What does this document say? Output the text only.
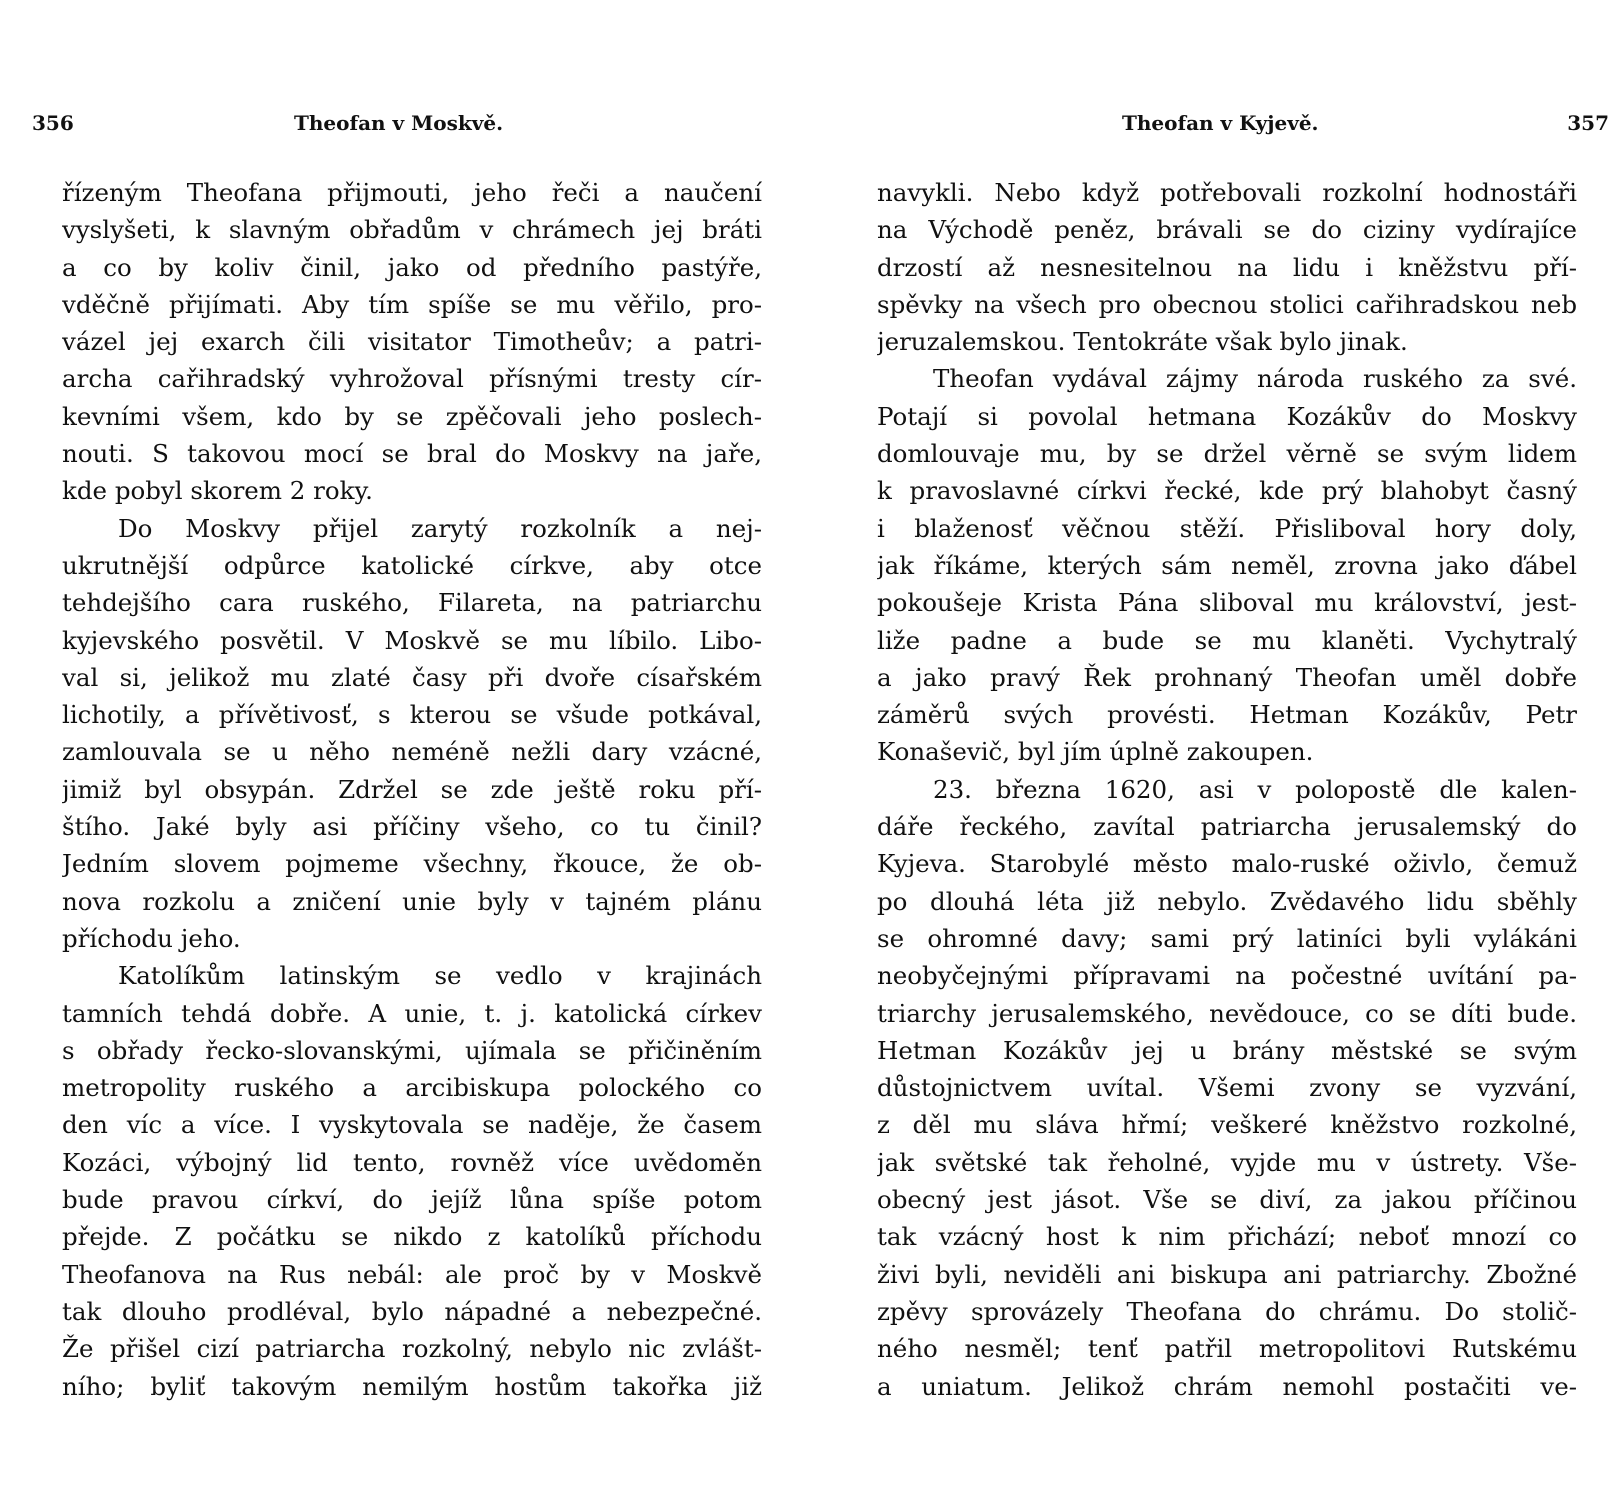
356	Theofan v Moskvě.
řízeným Theofana přijmouti, jeho řeči a naučení
vyslyšeti, k slavným obřadům v chrámech jej bráti
a co by koliv činil, jako od předního pastýře,
vděčně přijímati. Aby tím spíše se mu věřilo, pro-
vázel jej exarch čili visitator Timotheův; a patri-
archa cařihradský vyhrožoval přísnými tresty cír-
kevními všem, kdo by se zpěčovali jeho poslech-
nouti. S takovou mocí se bral do Moskvy na jaře,
kde pobyl skorem 2 roky.
Do Moskvy přijel zarytý rozkolník a nej-
ukrutnější odpůrce katolické církve, aby otce
tehdejšího cara ruského, Filareta, na patriarchu
kyjevského posvětil. V Moskvě se mu líbilo. Libo-
val si, jelikož mu zlaté časy při dvoře císařském
lichotily, a přívětivosť, s kterou se všude potkával,
zamlouvala se u něho neméně nežli dary vzácné,
jimiž byl obsypán. Zdržel se zde ještě roku pří-
štího. Jaké byly asi příčiny všeho, co tu činil?
Jedním slovem pojmeme všechny, řkouce, že ob-
nova rozkolu a zničení unie byly v tajném plánu
příchodu jeho.
Katolíkům latinským se vedlo v krajinách
tamních tehdá dobře. A unie, t. j. katolická církev
s obřady řecko-slovanskými, ujímala se přičiněním
metropolity ruského a arcibiskupa polockého co
den víc a více. I vyskytovala se naděje, že časem
Kozáci, výbojný lid tento, rovněž více uvědoměn
bude pravou církví, do jejíž lůna spíše potom
přejde. Z počátku se nikdo z katolíků příchodu
Theofanova na Rus nebál: ale proč by v Moskvě
tak dlouho prodléval, bylo nápadné a nebezpečné.
Že přišel cizí patriarcha rozkolný, nebylo nic zvlášt-
ního; byliť takovým nemilým hostům takořka již
Theofan v Kyjevě.	357
navykli. Nebo když potřebovali rozkolní hodnostáři
na Východě peněz, brávali se do ciziny vydírajíce
drzostí až nesnesitelnou na lidu i kněžstvu pří-
spěvky na všech pro obecnou stolici cařihradskou neb
jeruzalemskou. Tentokráte však bylo jinak.
Theofan vydával zájmy národa ruského za své.
Potají si povolal hetmana Kozákův do Moskvy
domlouvaje mu, by se držel věrně se svým lidem
k pravoslavné církvi řecké, kde prý blahobyt časný
i blaženosť věčnou stěží. Přisliboval hory doly,
jak říkáme, kterých sám neměl, zrovna jako ďábel
pokoušeje Krista Pána sliboval mu království, jest-
liže padne a bude se mu klaněti. Vychytralý
a jako pravý Řek prohnaný Theofan uměl dobře
záměrů svých provésti. Hetman Kozákův, Petr
Konaševič, byl jím úplně zakoupen.
23. března 1620, asi v polopostě dle kalen-
dáře řeckého, zavítal patriarcha jerusalemský do
Kyjeva. Starobylé město malo-ruské oživlo, čemuž
po dlouhá léta již nebylo. Zvědavého lidu sběhly
se ohromné davy; sami prý latiníci byli vylákáni
neobyčejnými přípravami na počestné uvítání pa-
triarchy jerusalemského, nevědouce, co se díti bude.
Hetman Kozákův jej u brány městské se svým
důstojnictvem uvítal. Všemi zvony se vyzvání,
z děl mu sláva hřmí; veškeré kněžstvo rozkolné,
jak světské tak řeholné, vyjde mu v ústrety. Vše-
obecný jest jásot. Vše se diví, za jakou příčinou
tak vzácný host k nim přichází; neboť mnozí co
živi byli, neviděli ani biskupa ani patriarchy. Zbožné
zpěvy sprovázely Theofana do chrámu. Do stolič-
ného nesměl; tenť patřil metropolitovi Rutskému
a uniatum. Jelikož chrám nemohl postačiti ve-
